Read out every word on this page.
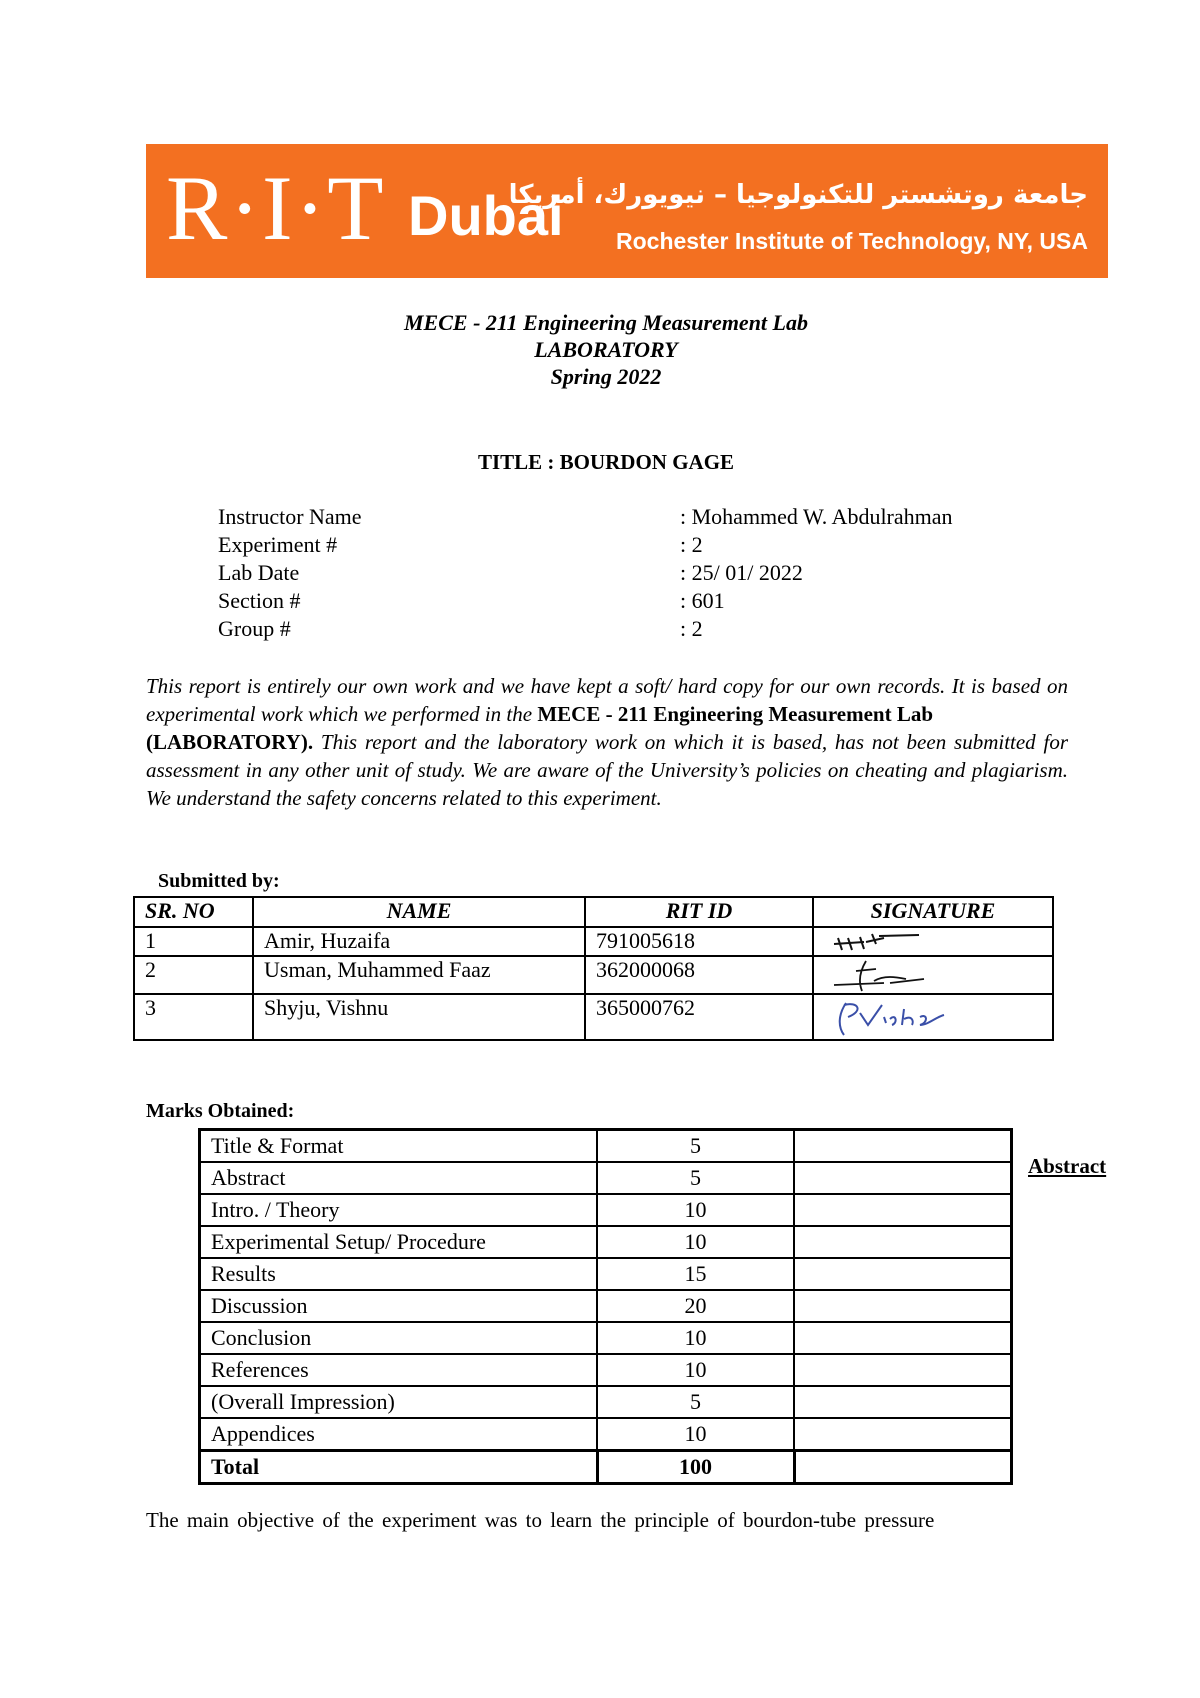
R·I·T Dubai
جامعة روتشستر للتكنولوجيا – نيويورك، أمريكا
Rochester Institute of Technology, NY, USA
MECE - 211 Engineering Measurement Lab
LABORATORY
Spring 2022
TITLE : BOURDON GAGE
Instructor Name	: Mohammed W. Abdulrahman
Experiment #	: 2
Lab Date	: 25/ 01/ 2022
Section #	: 601
Group #	: 2
This report is entirely our own work and we have kept a soft/ hard copy for our own records. It is based on experimental work which we performed in the MECE - 211 Engineering Measurement Lab
(LABORATORY). This report and the laboratory work on which it is based, has not been submitted for assessment in any other unit of study. We are aware of the University’s policies on cheating and plagiarism. We understand the safety concerns related to this experiment.
Submitted by:
SR. NO	NAME	RIT ID	SIGNATURE
1	Amir, Huzaifa	791005618	

2	Usman, Muhammed Faaz	362000068	

3	Shyju, Vishnu	365000762	
Marks Obtained:
Title & Format	5	
Abstract	5	
Intro. / Theory	10	
Experimental Setup/ Procedure	10	
Results	15	
Discussion	20	
Conclusion	10	
References	10	
(Overall Impression)	5	
Appendices	10	
Total	100	
Abstract
The main objective of the experiment was to learn the principle of bourdon-tube pressure
